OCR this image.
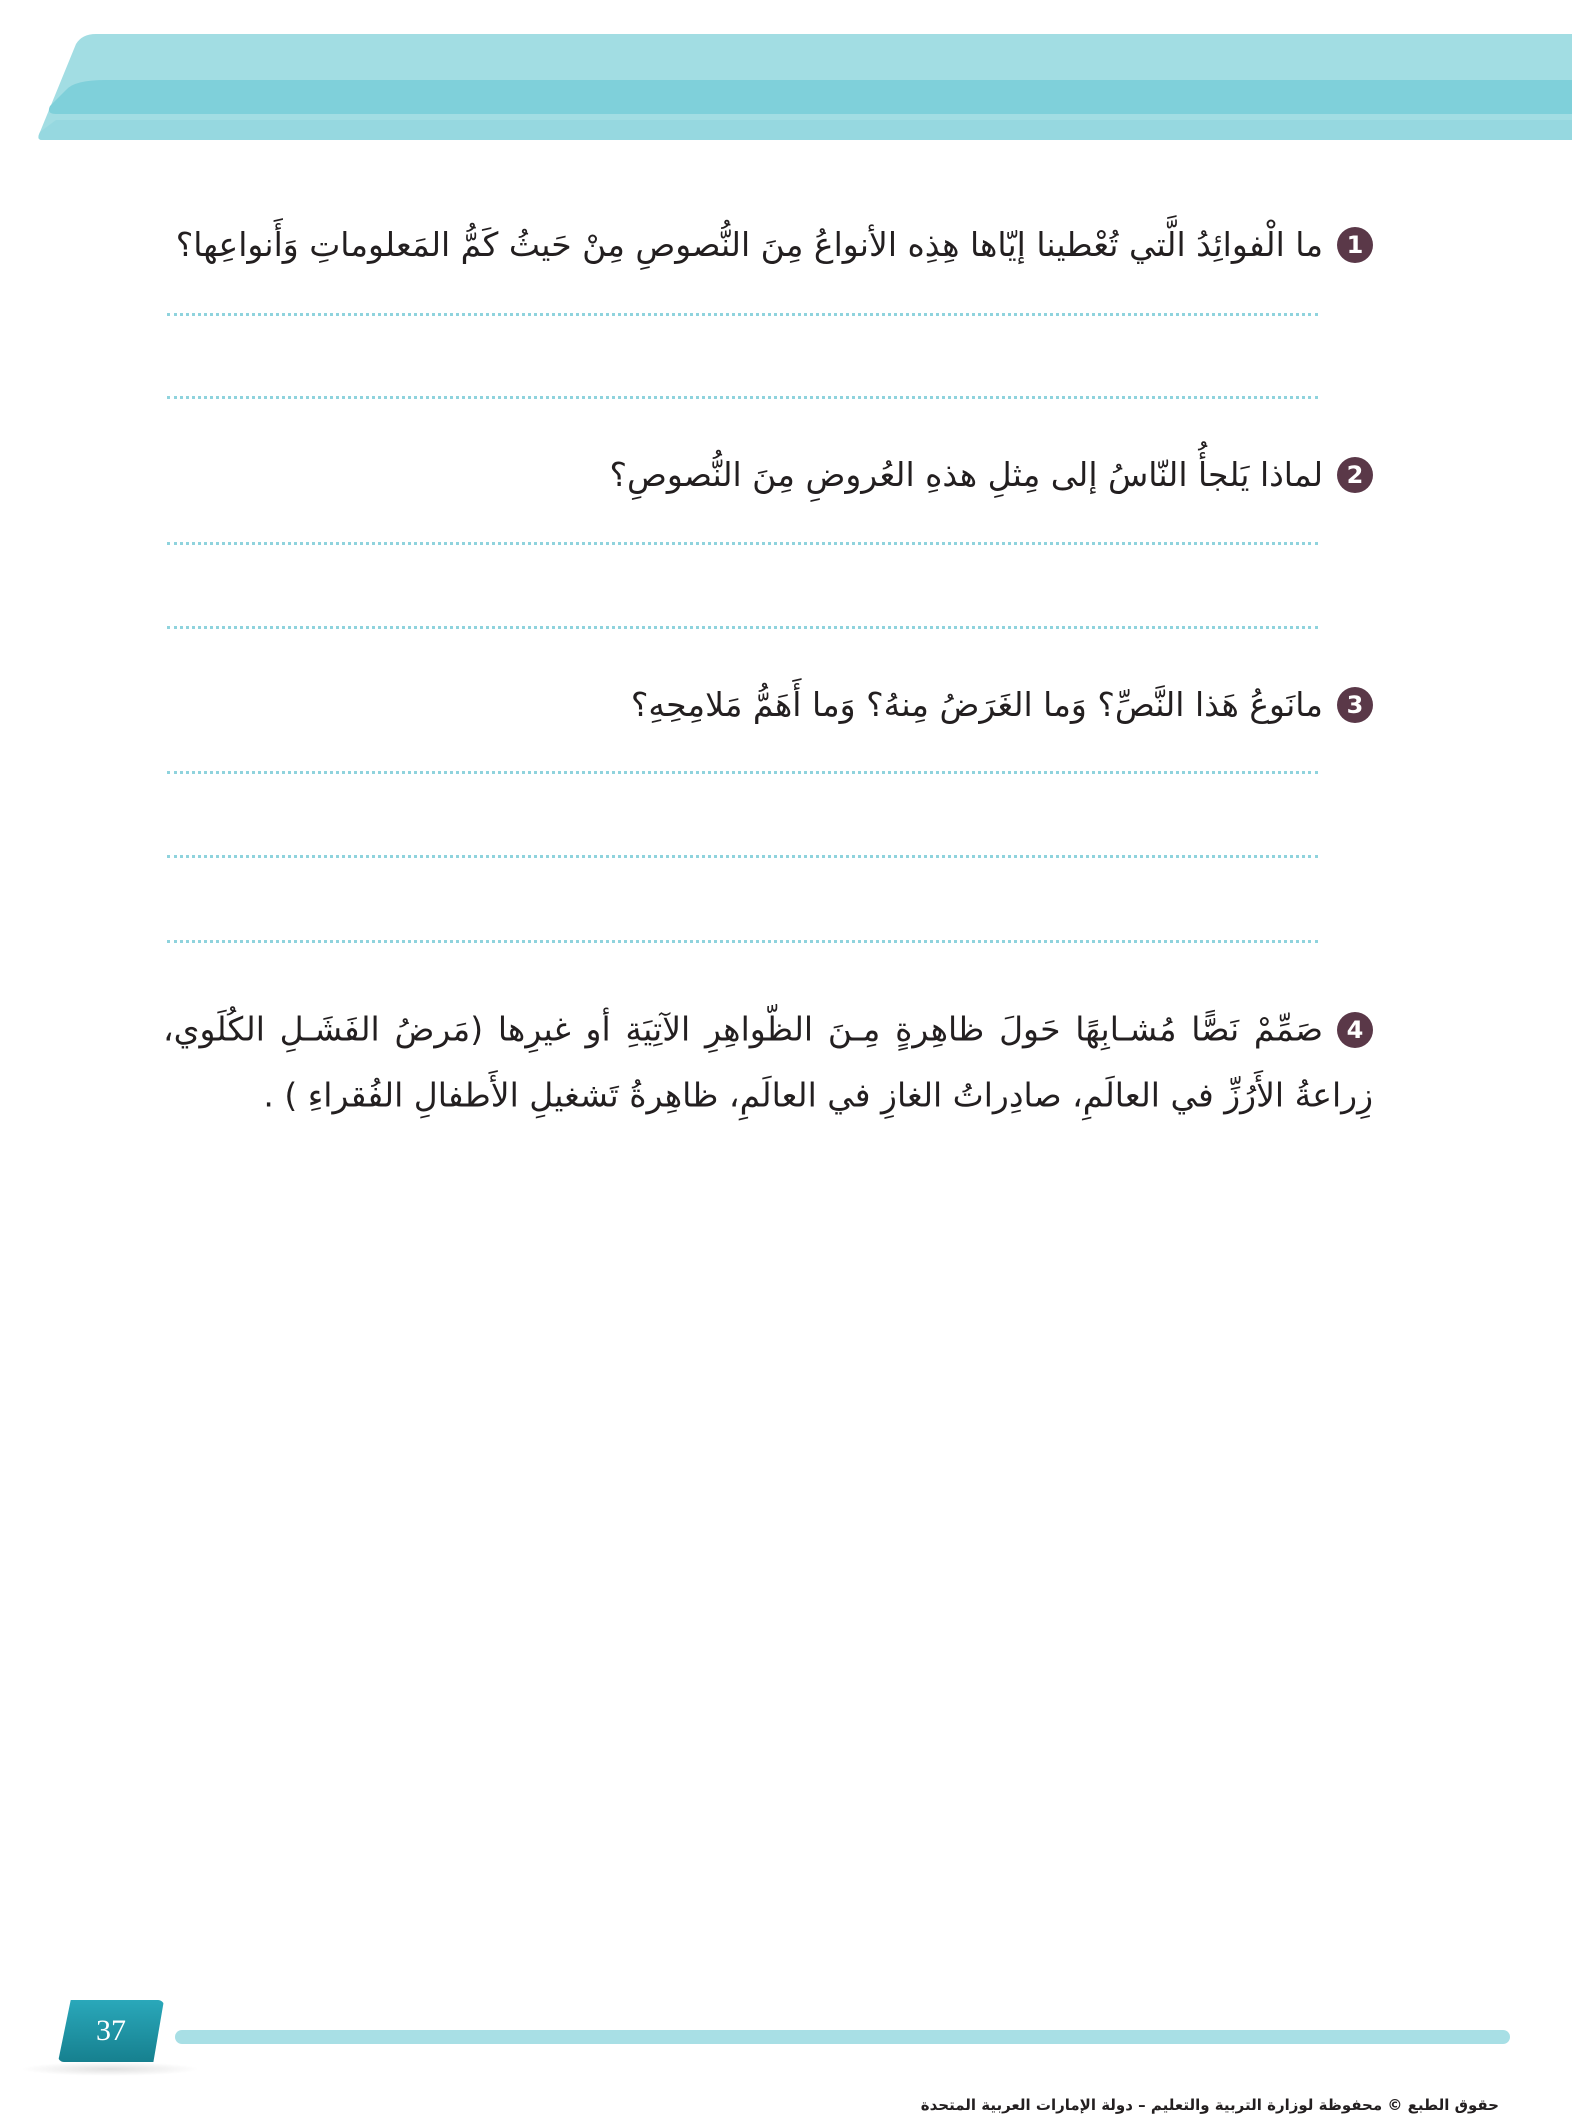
1ما الْفوائِدُ الَّتي تُعْطينا إيّاها هِذِه الأنواعُ مِنَ النُّصوصِ مِنْ حَيثُ كَمُّ المَعلوماتِ وَأَنواعِها؟
2لماذا يَلجأُ النّاسُ إلى مِثلِ هذهِ العُروضِ مِنَ النُّصوصِ؟
3مانَوعُ هَذا النَّصِّ؟ وَما الغَرَضُ مِنهُ؟ وَما أَهَمُّ مَلامِحِهِ؟
4صَمِّمْ نَصًّا مُشـابِهًا حَولَ ظاهِرةٍ مِـنَ الظّواهِرِ الآتِيَةِ أو غيرِها (مَرضُ الفَشَـلِ الكُلَوي، زِراعةُ الأَرُزِّ في العالَمِ، صادِراتُ الغازِ في العالَمِ، ظاهِرةُ تَشغيلِ الأَطفالِ الفُقراءِ ) .
37
حقوق الطبع © محفوظة لوزارة التربية والتعليم – دولة الإمارات العربية المتحدة
